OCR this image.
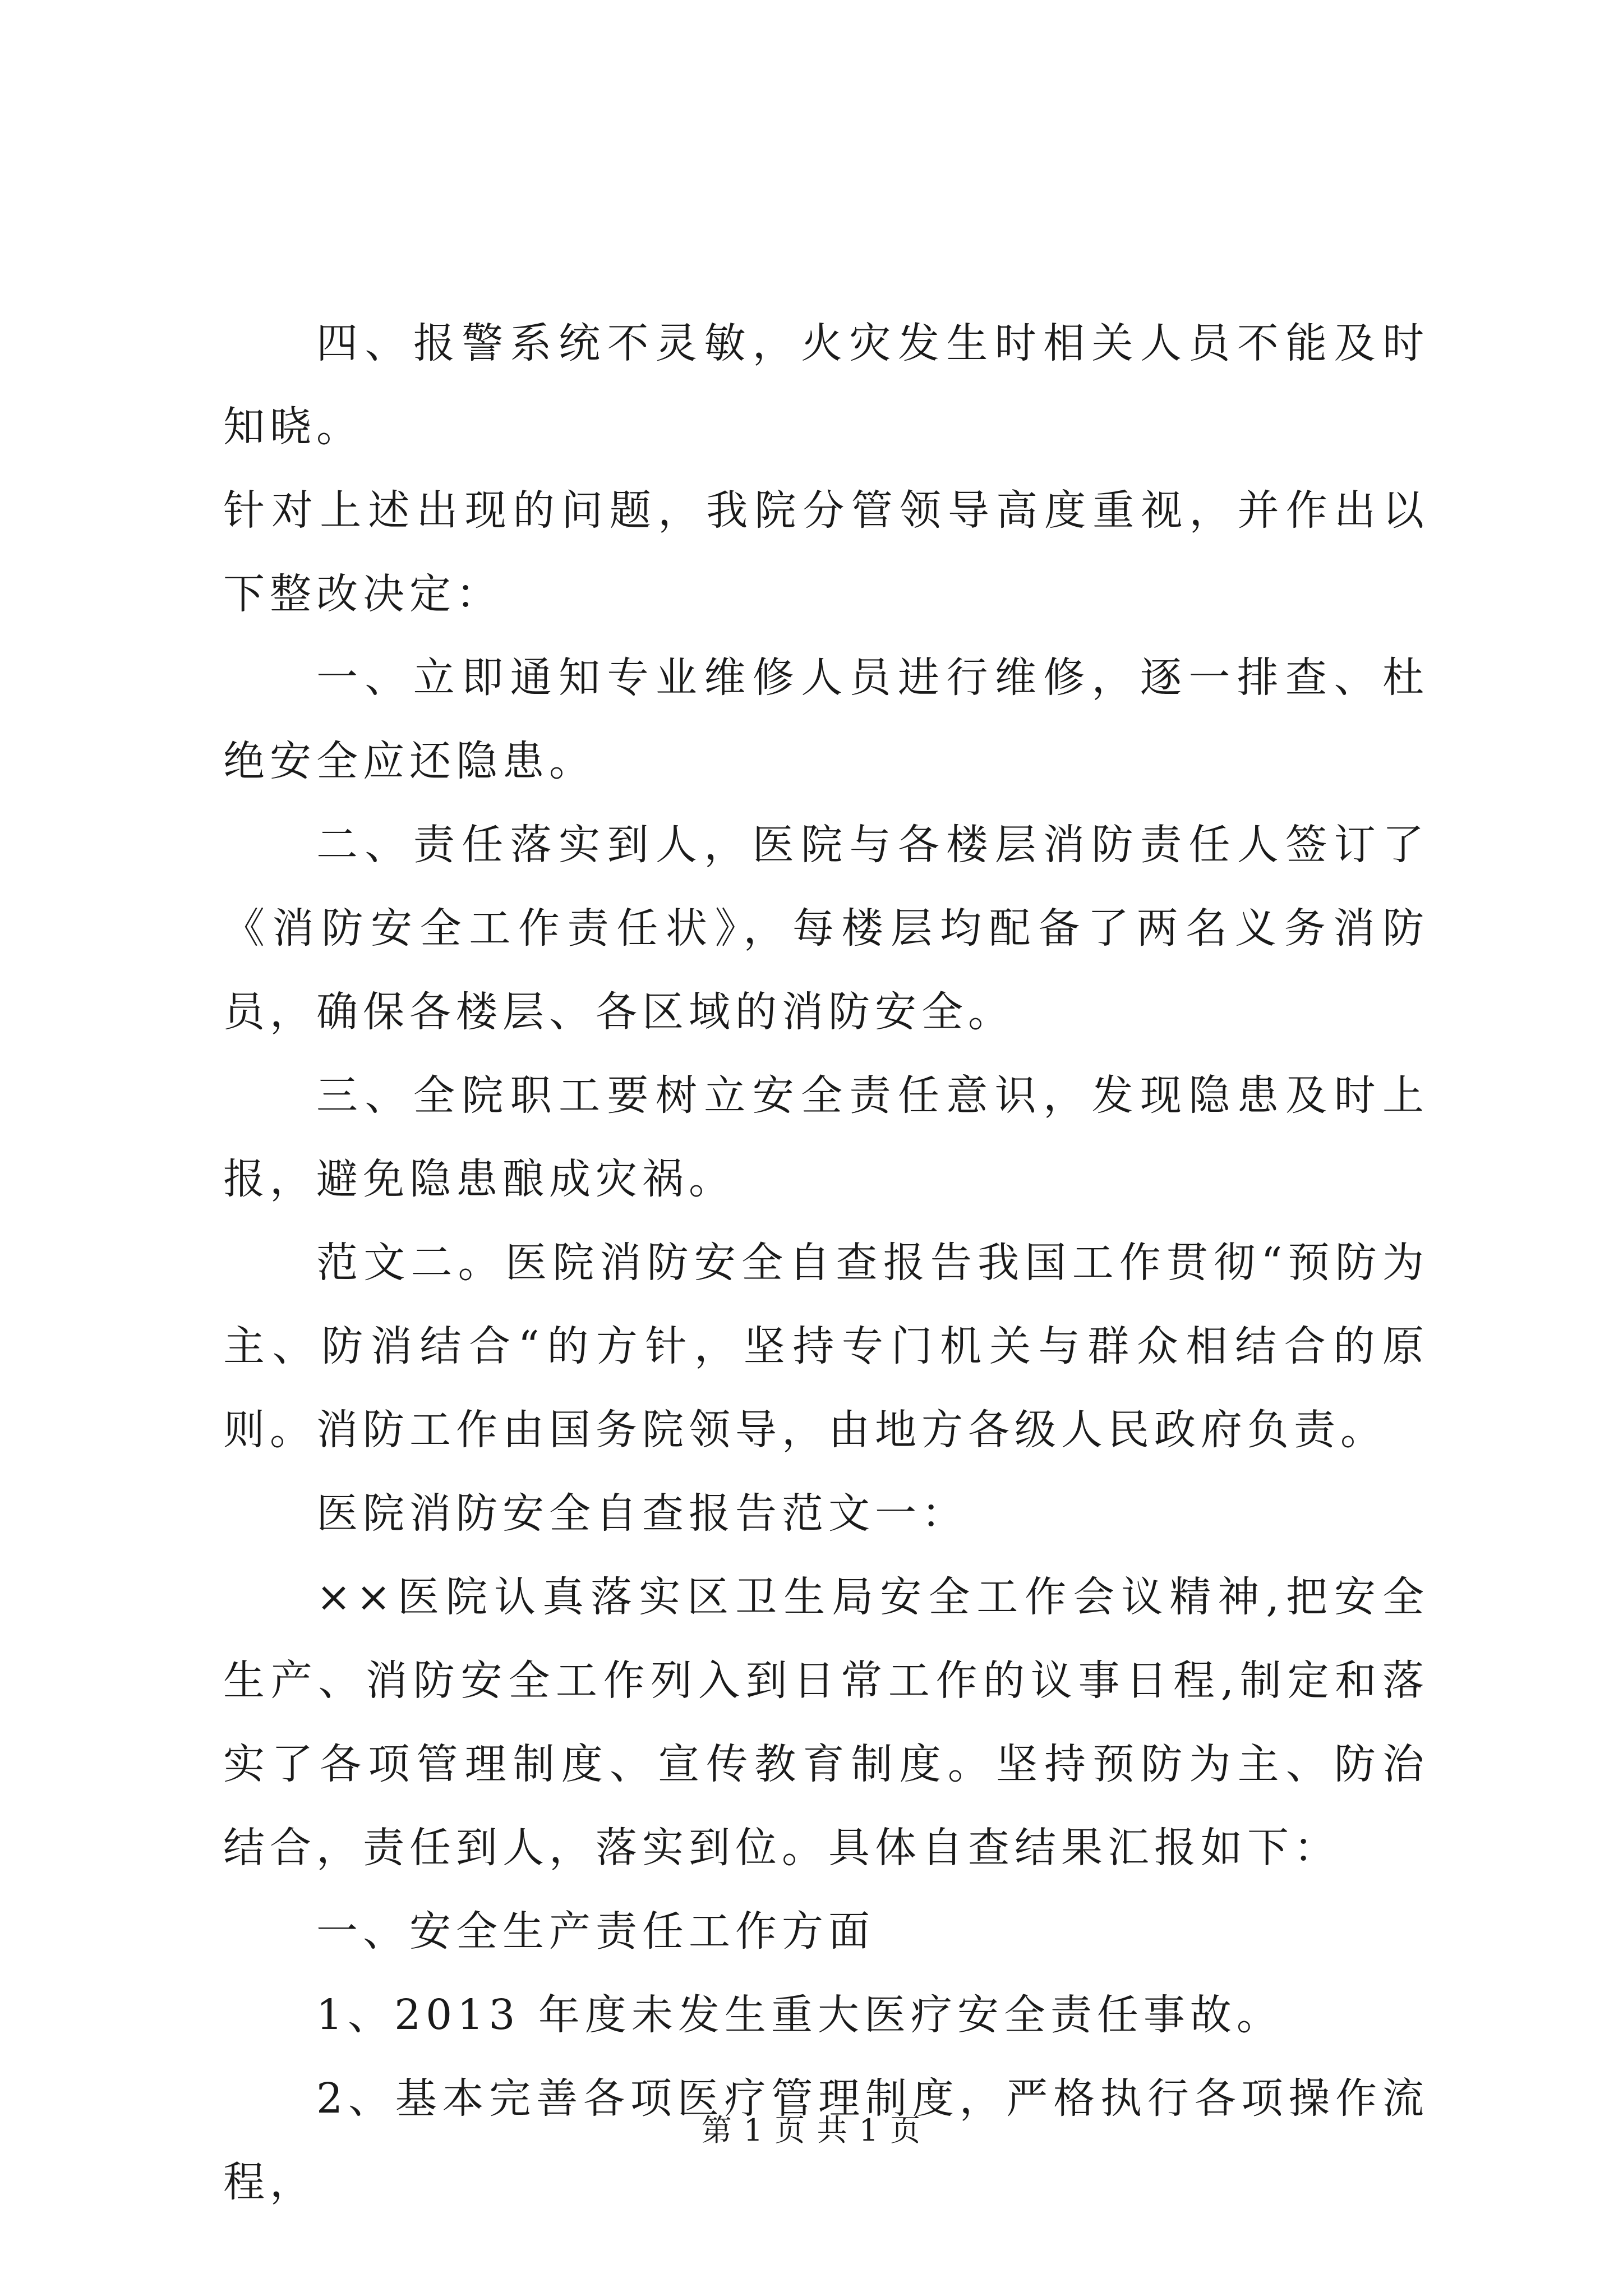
四、报警系统不灵敏，火灾发生时相关人员不能及时知晓。

针对上述出现的问题，我院分管领导高度重视，并作出以下整改决定：

一、立即通知专业维修人员进行维修，逐一排查、杜绝安全应还隐患。

二、责任落实到人，医院与各楼层消防责任人签订了《消防安全工作责任状》，每楼层均配备了两名义务消防员，确保各楼层、各区域的消防安全。

三、全院职工要树立安全责任意识，发现隐患及时上报，避免隐患酿成灾祸。

范文二。医院消防安全自查报告我国工作贯彻“预防为主、防消结合“的方针，坚持专门机关与群众相结合的原则。消防工作由国务院领导，由地方各级人民政府负责。

医院消防安全自查报告范文一：

××医院认真落实区卫生局安全工作会议精神,把安全生产、消防安全工作列入到日常工作的议事日程,制定和落实了各项管理制度、宣传教育制度。坚持预防为主、防治结合，责任到人，落实到位。具体自查结果汇报如下：

一、安全生产责任工作方面

1、2013 年度未发生重大医疗安全责任事故。

2、基本完善各项医疗管理制度，严格执行各项操作流程，

第 1 页 共 1 页
